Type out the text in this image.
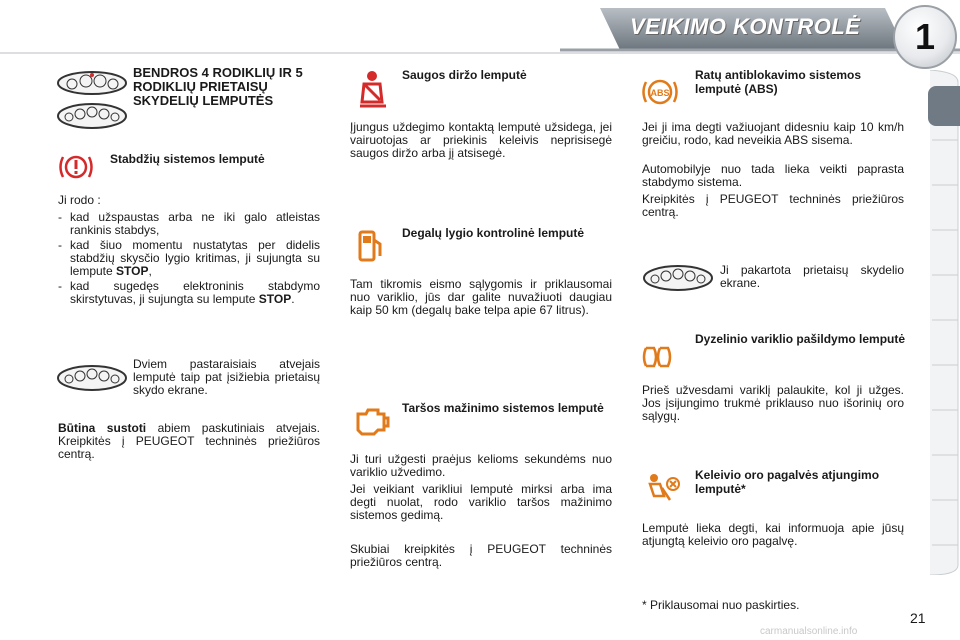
VEIKIMO KONTROLĖ	1
BENDROS 4 RODIKLIŲ IR 5 RODIKLIŲ PRIETAISŲ SKYDELIŲ LEMPUTĖS
Stabdžių sistemos lemputė
Ji rodo :
- kad užspaustas arba ne iki galo atleistas rankinis stabdys,
- kad šiuo momentu nustatytas per didelis stabdžių skysčio lygio kritimas, ji sujungta su lempute STOP,
- kad sugedęs elektroninis stabdymo skirstytuvas, ji sujungta su lempute STOP.
Dviem pastaraisiais atvejais lemputė taip pat įsižiebia prietaisų skydo ekrane.
Būtina sustoti abiem paskutiniais atvejais. Kreipkitės į PEUGEOT techninės priežiūros centrą.
Saugos diržo lemputė
Įjungus uždegimo kontaktą lemputė užsidega, jei vairuotojas ar priekinis keleivis neprisisegė saugos diržo arba jį atsisegė.
Degalų lygio kontrolinė lemputė
Tam tikromis eismo sąlygomis ir priklausomai nuo variklio, jūs dar galite nuvažiuoti daugiau kaip 50 km (degalų bake telpa apie 67 litrus).
Taršos mažinimo sistemos lemputė
Ji turi užgesti praėjus kelioms sekundėms nuo variklio užvedimo.
Jei veikiant varikliui lemputė mirksi arba ima degti nuolat, rodo variklio taršos mažinimo sistemos gedimą.
Skubiai kreipkitės į PEUGEOT techninės priežiūros centrą.
ABS
Ratų antiblokavimo sistemos lemputė (ABS)
Jei ji ima degti važiuojant didesniu kaip 10 km/h greičiu, rodo, kad neveikia ABS sisema.
Automobilyje nuo tada lieka veikti paprasta stabdymo sistema.
Kreipkitės į PEUGEOT techninės priežiūros centrą.
Ji pakartota prietaisų skydelio ekrane.
Dyzelinio variklio pašildymo lemputė
Prieš užvesdami variklį palaukite, kol ji užges. Jos įsijungimo trukmė priklauso nuo išorinių oro sąlygų.
Keleivio oro pagalvės atjungimo lemputė*
Lemputė lieka degti, kai informuoja apie jūsų atjungtą keleivio oro pagalvę.
* Priklausomai nuo paskirties.
21
carmanualsonline.info
